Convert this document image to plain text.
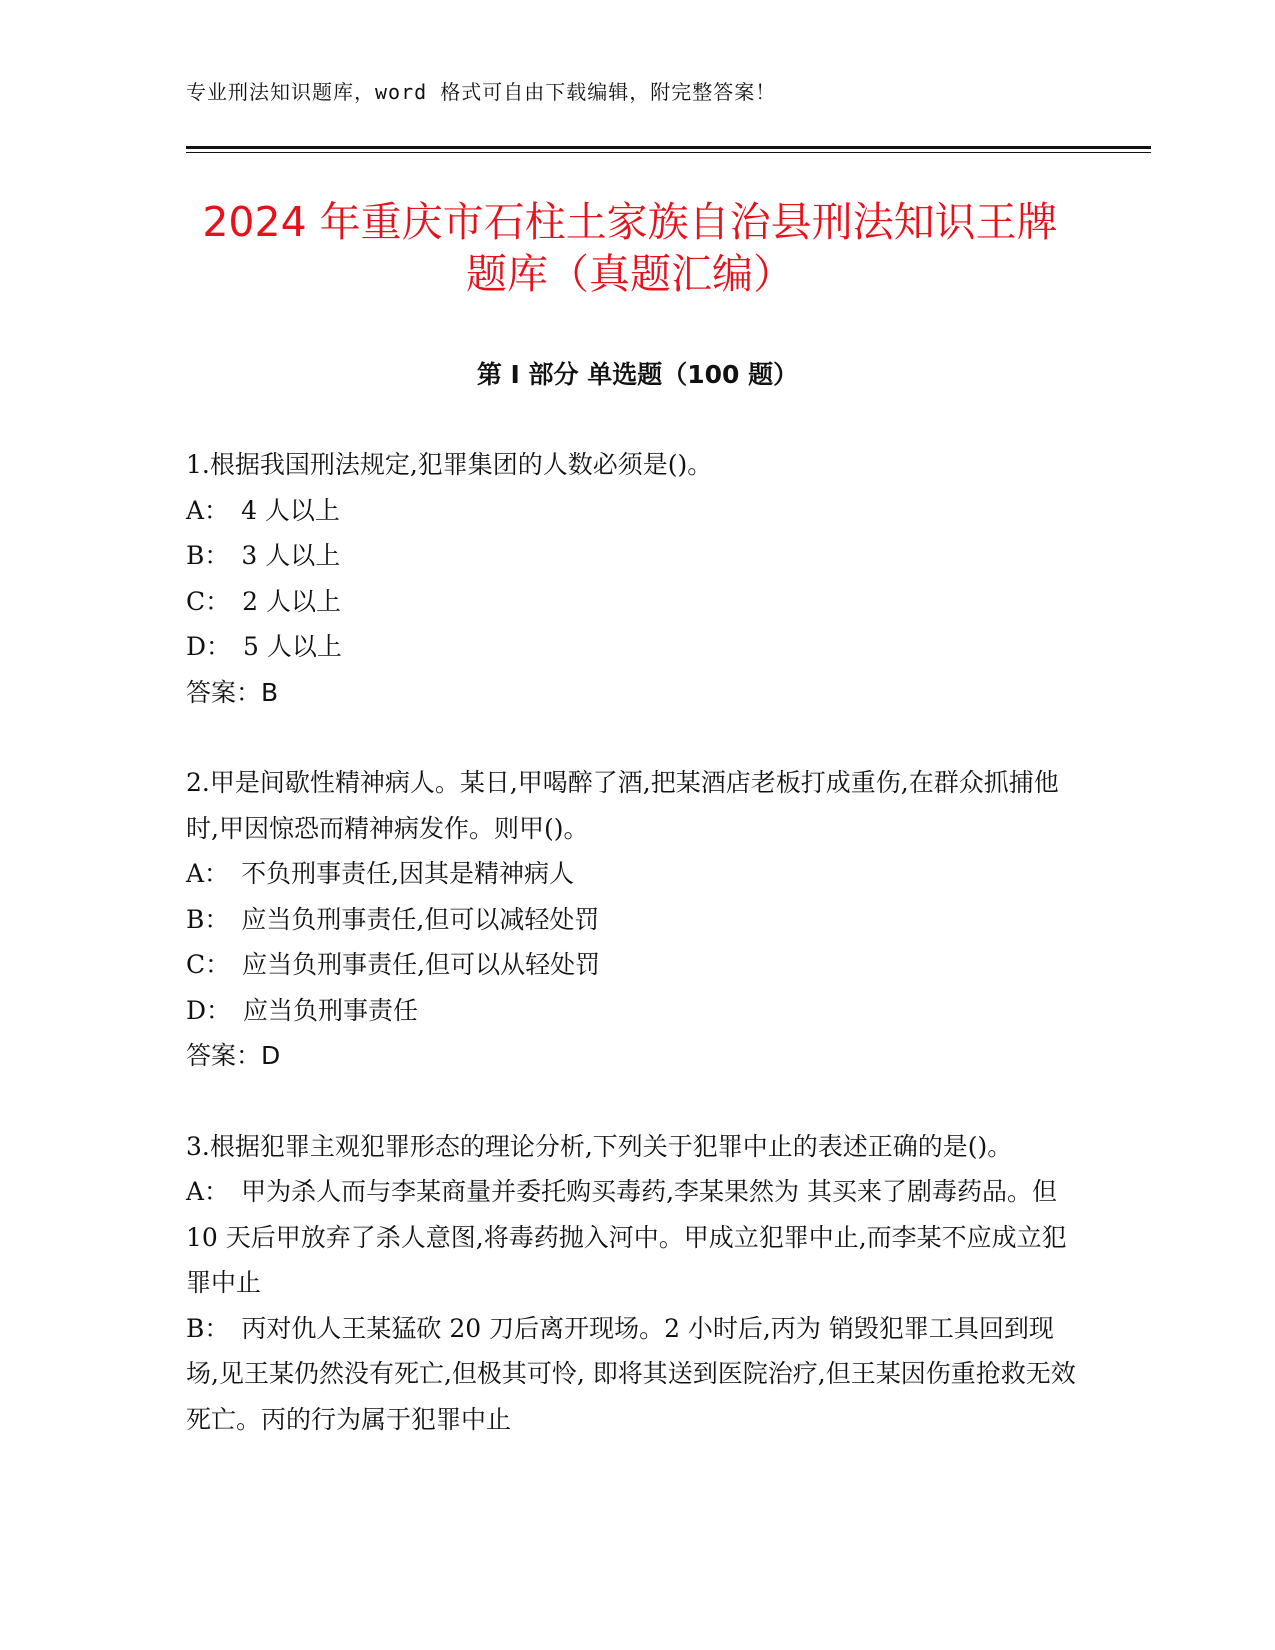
专业刑法知识题库，word 格式可自由下载编辑，附完整答案！
2024 年重庆市石柱土家族自治县刑法知识王牌题库（真题汇编）
第 I 部分 单选题（100 题）
1.根据我国刑法规定,犯罪集团的人数必须是()。
A： 4 人以上
B： 3 人以上
C： 2 人以上
D： 5 人以上
答案：B
2.甲是间歇性精神病人。某日,甲喝醉了酒,把某酒店老板打成重伤,在群众抓捕他时,甲因惊恐而精神病发作。则甲()。
A： 不负刑事责任,因其是精神病人
B： 应当负刑事责任,但可以减轻处罚
C： 应当负刑事责任,但可以从轻处罚
D： 应当负刑事责任
答案：D
3.根据犯罪主观犯罪形态的理论分析,下列关于犯罪中止的表述正确的是()。
A： 甲为杀人而与李某商量并委托购买毒药,李某果然为 其买来了剧毒药品。但 10 天后甲放弃了杀人意图,将毒药抛入河中。甲成立犯罪中止,而李某不应成立犯罪中止
B： 丙对仇人王某猛砍 20 刀后离开现场。2 小时后,丙为 销毁犯罪工具回到现场,见王某仍然没有死亡,但极其可怜, 即将其送到医院治疗,但王某因伤重抢救无效死亡。丙的行为属于犯罪中止
